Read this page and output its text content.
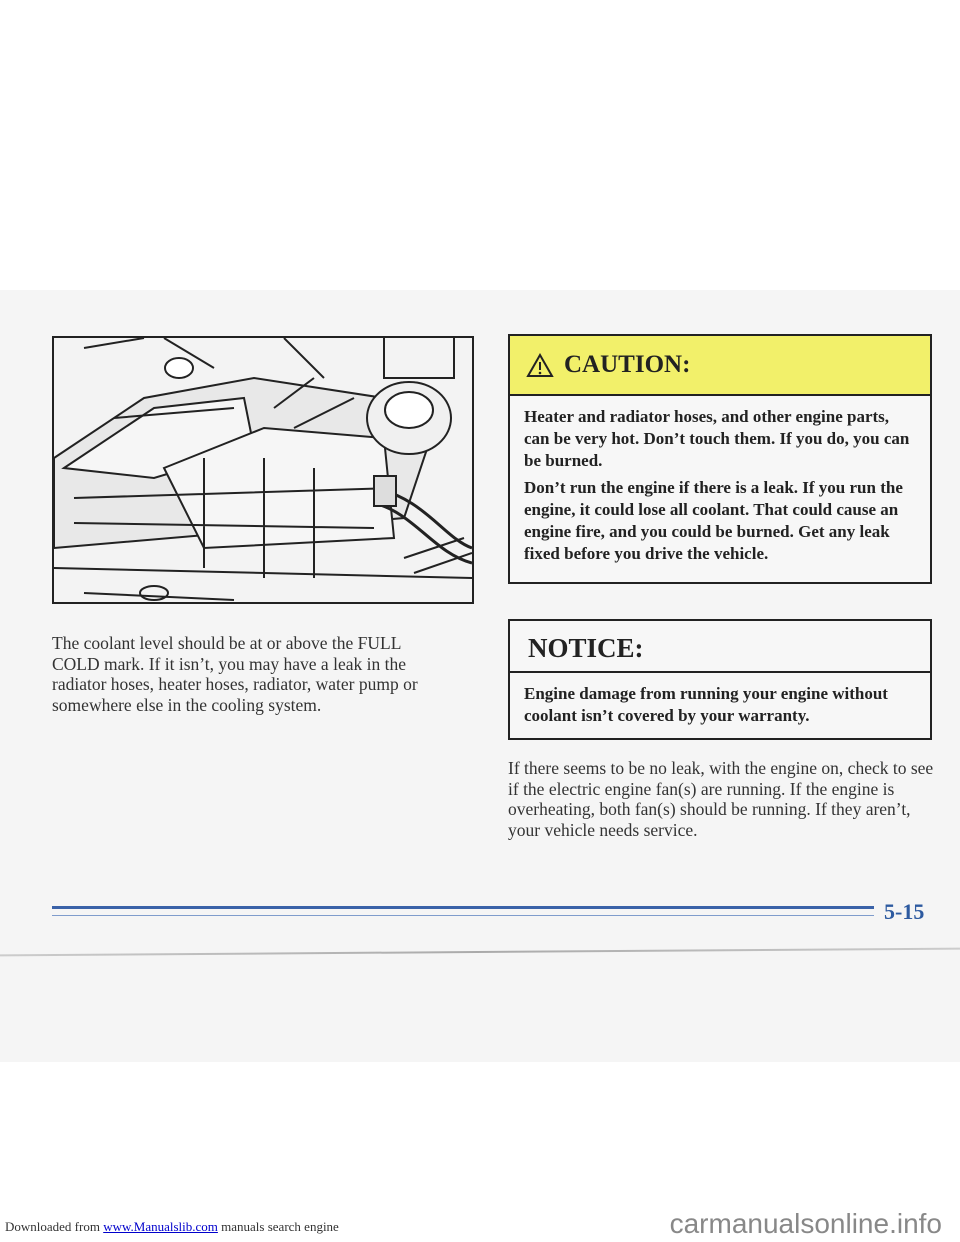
The coolant level should be at or above the FULL COLD mark. If it isn’t, you may have a leak in the radiator hoses, heater hoses, radiator, water pump or somewhere else in the cooling system.
CAUTION:

Heater and radiator hoses, and other engine parts, can be very hot. Don’t touch them. If you do, you can be burned.

Don’t run the engine if there is a leak. If you run the engine, it could lose all coolant. That could cause an engine fire, and you could be burned. Get any leak fixed before you drive the vehicle.

NOTICE:
Engine damage from running your engine without coolant isn’t covered by your warranty.
If there seems to be no leak, with the engine on, check to see if the electric engine fan(s) are running. If the engine is overheating, both fan(s) should be running. If they aren’t, your vehicle needs service.
5-15
Downloaded from www.Manualslib.com manuals search engine	carmanualsonline.info
